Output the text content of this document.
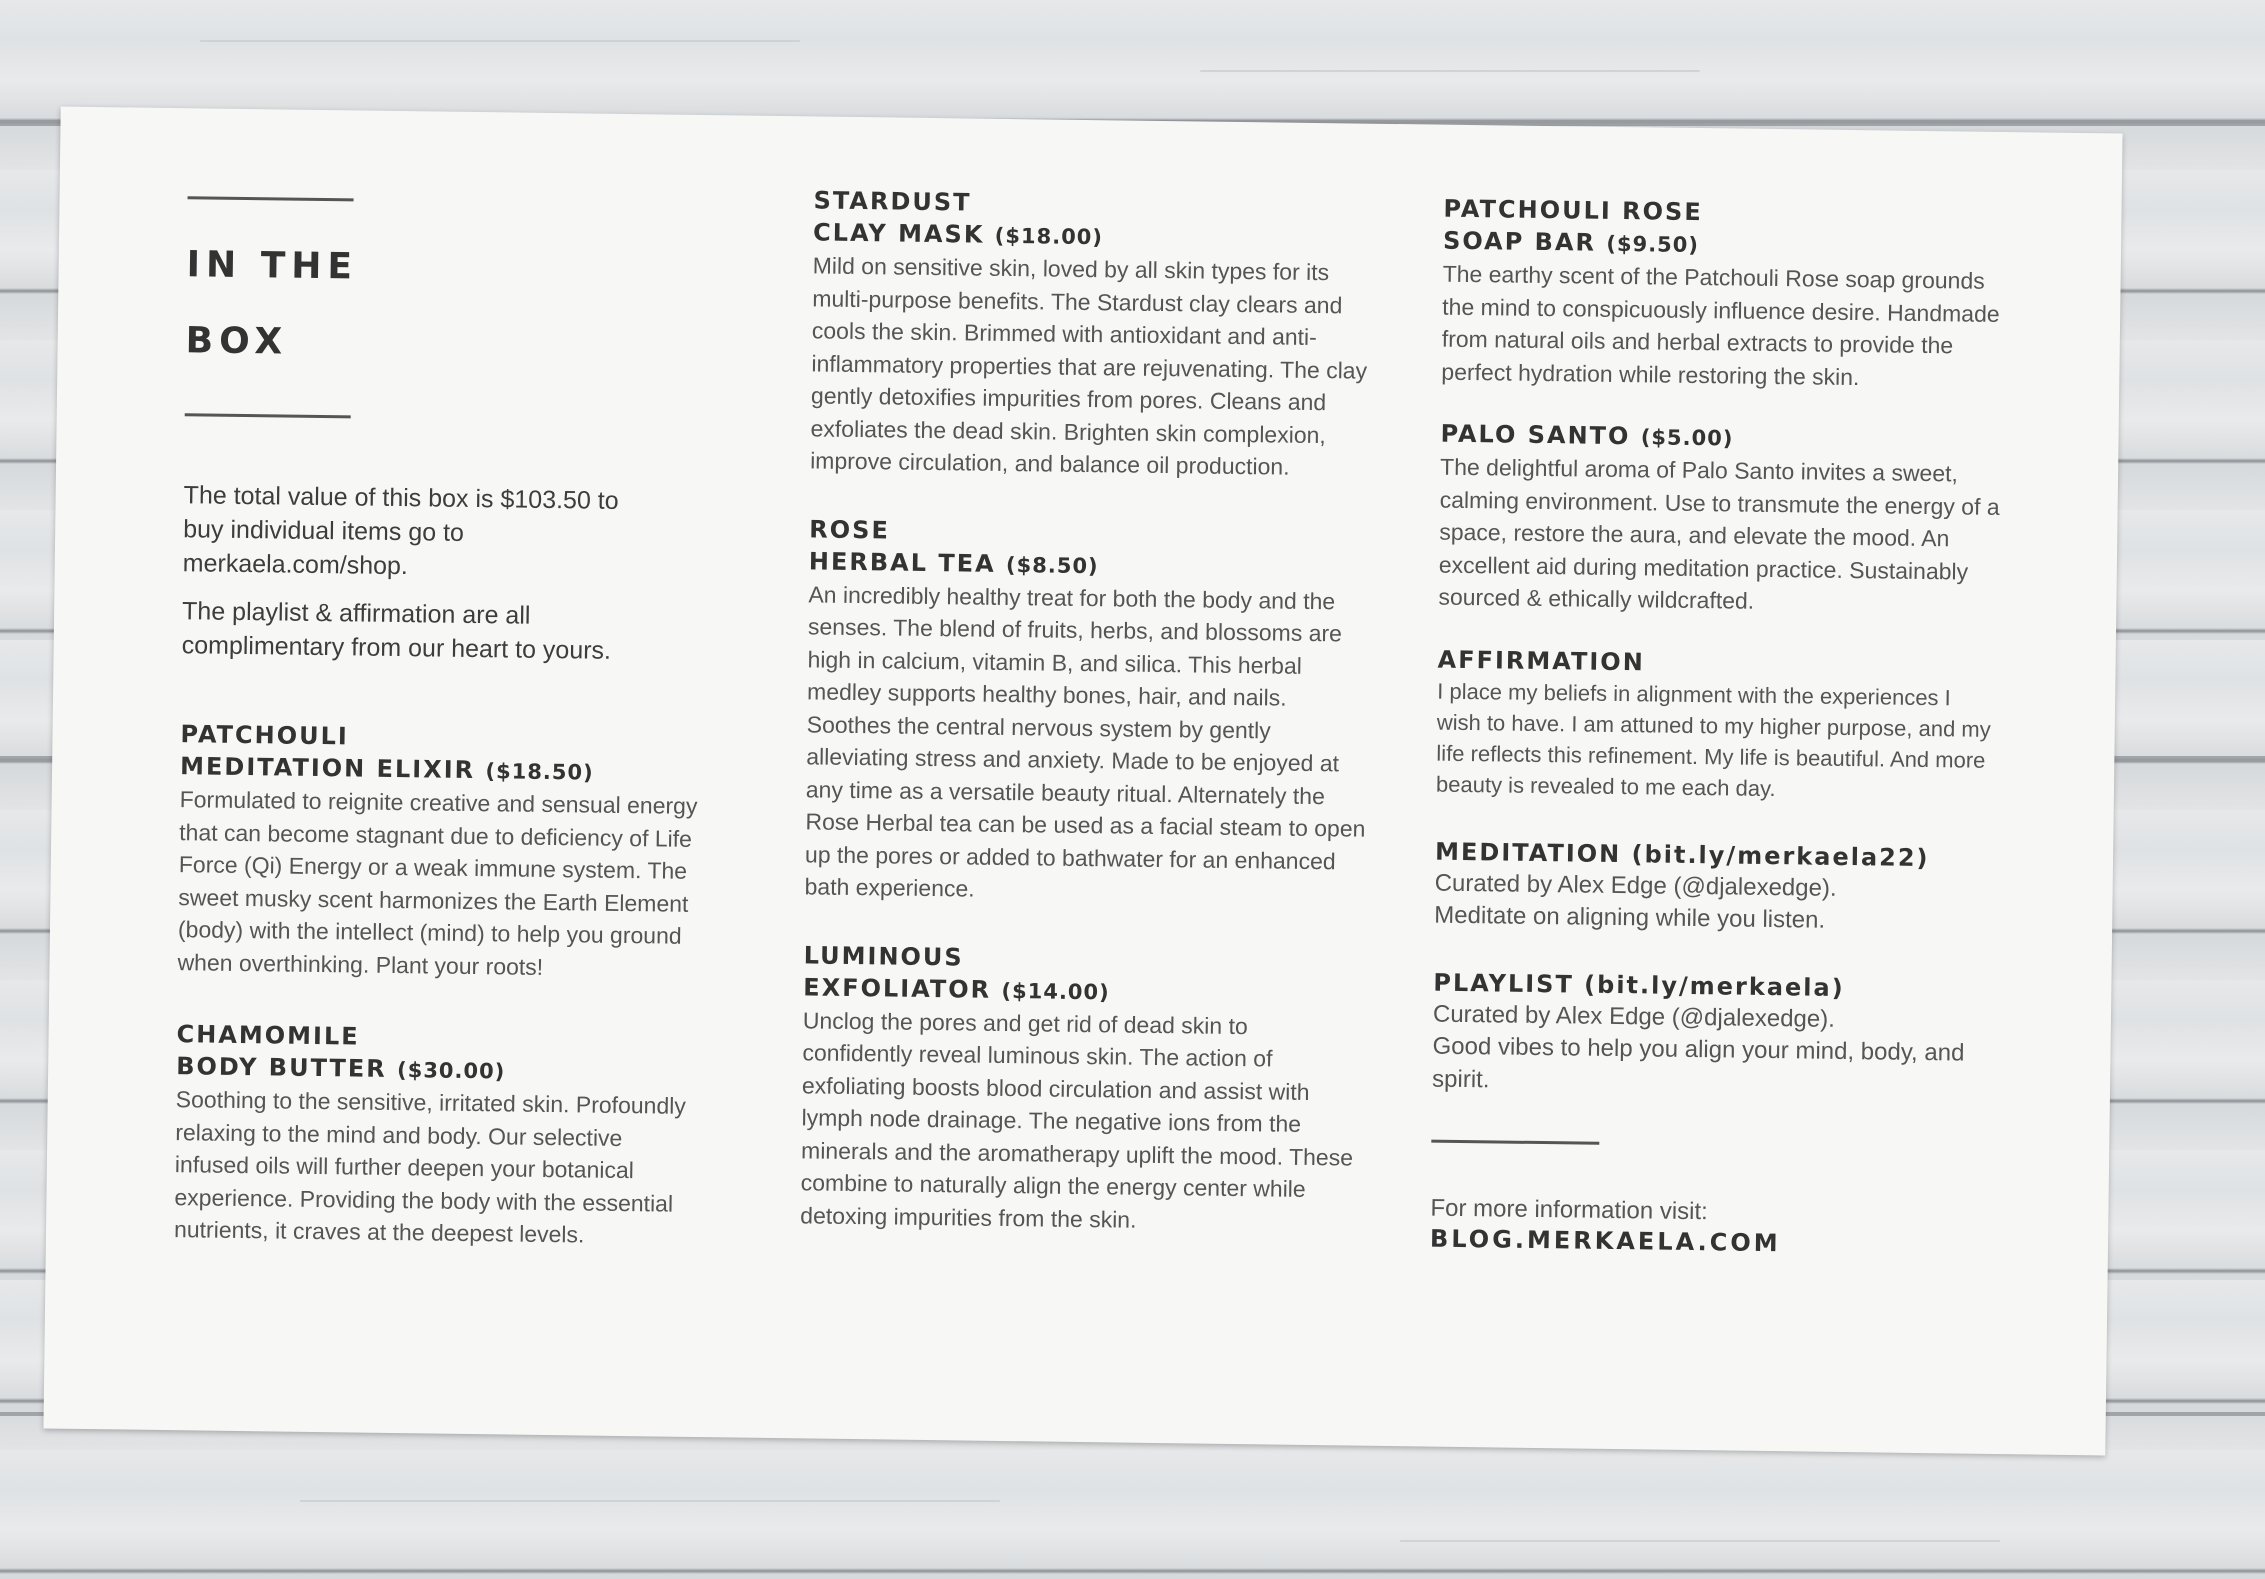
IN THE
BOX

The total value of this box is $103.50 to buy individual items go to merkaela.com/shop.

The playlist & affirmation are all complimentary from our heart to yours.

PATCHOULI
MEDITATION ELIXIR ($18.50)

Formulated to reignite creative and sensual energy that can become stagnant due to deficiency of Life Force (Qi) Energy or a weak immune system. The sweet musky scent harmonizes the Earth Element (body) with the intellect (mind) to help you ground when overthinking. Plant your roots!

CHAMOMILE
BODY BUTTER ($30.00)

Soothing to the sensitive, irritated skin. Profoundly relaxing to the mind and body. Our selective infused oils will further deepen your botanical experience. Providing the body with the essential nutrients, it craves at the deepest levels.

STARDUST
CLAY MASK ($18.00)

Mild on sensitive skin, loved by all skin types for its multi-purpose benefits. The Stardust clay clears and cools the skin. Brimmed with antioxidant and anti-inflammatory properties that are rejuvenating. The clay gently detoxifies impurities from pores. Cleans and exfoliates the dead skin. Brighten skin complexion, improve circulation, and balance oil production.

ROSE
HERBAL TEA ($8.50)

An incredibly healthy treat for both the body and the senses. The blend of fruits, herbs, and blossoms are high in calcium, vitamin B, and silica. This herbal medley supports healthy bones, hair, and nails. Soothes the central nervous system by gently alleviating stress and anxiety. Made to be enjoyed at any time as a versatile beauty ritual. Alternately the Rose Herbal tea can be used as a facial steam to open up the pores or added to bathwater for an enhanced bath experience.

LUMINOUS
EXFOLIATOR ($14.00)

Unclog the pores and get rid of dead skin to confidently reveal luminous skin. The action of exfoliating boosts blood circulation and assist with lymph node drainage. The negative ions from the minerals and the aromatherapy uplift the mood. These combine to naturally align the energy center while detoxing impurities from the skin.

PATCHOULI ROSE
SOAP BAR ($9.50)

The earthy scent of the Patchouli Rose soap grounds the mind to conspicuously influence desire. Handmade from natural oils and herbal extracts to provide the perfect hydration while restoring the skin.

PALO SANTO ($5.00)

The delightful aroma of Palo Santo invites a sweet, calming environment. Use to transmute the energy of a space, restore the aura, and elevate the mood. An excellent aid during meditation practice. Sustainably sourced & ethically wildcrafted.

AFFIRMATION

I place my beliefs in alignment with the experiences I wish to have. I am attuned to my higher purpose, and my life reflects this refinement. My life is beautiful. And more beauty is revealed to me each day.

MEDITATION (bit.ly/merkaela22)

Curated by Alex Edge (@djalexedge).

Meditate on aligning while you listen.

PLAYLIST (bit.ly/merkaela)

Curated by Alex Edge (@djalexedge).

Good vibes to help you align your mind, body, and spirit.

For more information visit:
BLOG.MERKAELA.COM
